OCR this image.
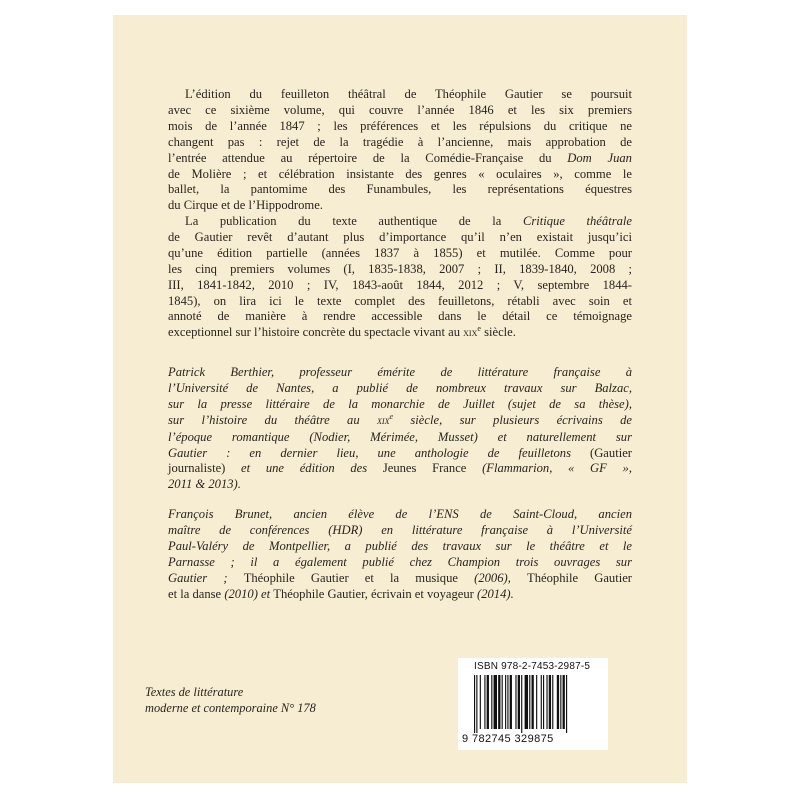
L’édition du feuilleton théâtral de Théophile Gautier se poursuit
avec ce sixième volume, qui couvre l’année 1846 et les six premiers
mois de l’année 1847 ; les préférences et les répulsions du critique ne
changent pas : rejet de la tragédie à l’ancienne, mais approbation de
l’entrée attendue au répertoire de la Comédie-Française du Dom Juan
de Molière ; et célébration insistante des genres « oculaires », comme le
ballet, la pantomime des Funambules, les représentations équestres
du Cirque et de l’Hippodrome.
La publication du texte authentique de la Critique théâtrale
de Gautier revêt d’autant plus d’importance qu’il n’en existait jusqu’ici
qu’une édition partielle (années 1837 à 1855) et mutilée. Comme pour
les cinq premiers volumes (I, 1835-1838, 2007 ; II, 1839-1840, 2008 ;
III, 1841-1842, 2010 ; IV, 1843-août 1844, 2012 ; V, septembre 1844-
1845), on lira ici le texte complet des feuilletons, rétabli avec soin et
annoté de manière à rendre accessible dans le détail ce témoignage
exceptionnel sur l’histoire concrète du spectacle vivant au xix$^e$ siècle.
Patrick Berthier, professeur émérite de littérature française à
l’Université de Nantes, a publié de nombreux travaux sur Balzac,
sur la presse littéraire de la monarchie de Juillet (sujet de sa thèse),
sur l’histoire du théâtre au xix$^e$ siècle, sur plusieurs écrivains de
l’époque romantique (Nodier, Mérimée, Musset) et naturellement sur
Gautier : en dernier lieu, une anthologie de feuilletons (Gautier
journaliste) et une édition des Jeunes France (Flammarion, « GF »,
2011 & 2013).
François Brunet, ancien élève de l’ENS de Saint-Cloud, ancien
maître de conférences (HDR) en littérature française à l’Université
Paul-Valéry de Montpellier, a publié des travaux sur le théâtre et le
Parnasse ; il a également publié chez Champion trois ouvrages sur
Gautier ; Théophile Gautier et la musique (2006), Théophile Gautier
et la danse (2010) et Théophile Gautier, écrivain et voyageur (2014).
Textes de littérature
moderne et contemporaine N° 178
ISBN 978-2-7453-2987-5
9 782745 329875
